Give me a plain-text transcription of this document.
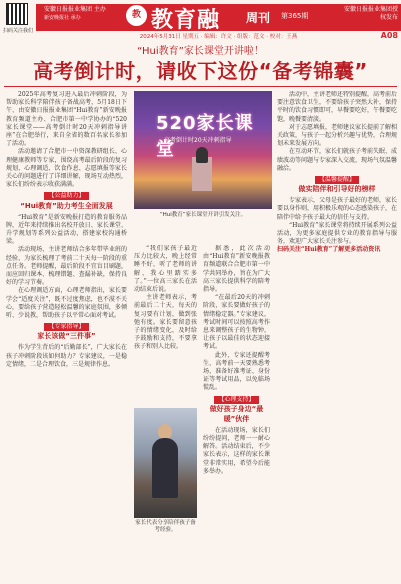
扫码关注我们
安徽日报报业集团 主办
新安晚报社 承办	教 教育融 周刊 第365期
安徽日报报业集团授
权发布
2024年5月31日 星期五 · 编辑：许文 · 组版：范文 · 校对：王燕	A08
“Hui教育”家长课堂开讲啦！
高考倒计时，请收下这份“备考锦囊”

2025年高考复习进入最后冲刺阶段，为帮助家长科学陪伴孩子备战高考，5月18日下午，由安徽日报报业集团“Hui教育”新安晚报教育频道主办、合肥市第一中学协办的“520家长课堂——高考倒计时20天冲刺指导讲座”在合肥举行，来自全省的数百名家长参加了活动。

活动邀请了合肥市一中资深教研组长、心理健康教师等专家，围绕高考最后阶段的复习规划、心理调适、饮食作息、志愿填报等家长关心的问题进行了详细讲解，现场互动热烈，家长们纷纷表示收获满满。

【公益助力】
“Hui教育”助力考生全面发展

“Hui教育”是新安晚报打造的教育服务品牌，近年来持续推出名校开放日、家长课堂、升学规划等系列公益活动，搭建家校沟通桥梁。

活动现场，主讲老师结合多年带毕业班的经验，为家长梳理了考前二十天每一阶段的重点任务。老师提醒，最后阶段不宜盲目刷题，而应回归课本、梳理错题、查漏补缺，保持良好的学习节奏。

在心理调适方面，心理老师指出，家长要学会“适度关注”，既不过度焦虑，也不漠不关心，要给孩子营造轻松温馨的家庭氛围，多倾听、少说教，帮助孩子以平常心面对考试。

【专家指导】
家长该做“三件事”

作为学生背后的“后勤部长”，广大家长在孩子冲刺阶段该如何助力？专家建议，一是稳定情绪，二是合理饮食，三是规律作息。

520家长课堂
高考倒计时20天冲刺指导
“Hui教育”家长课堂开讲引发关注。

“我们家孩子最近压力比较大，晚上经常睡不好，听了老师的讲解，我心里踏实多了。”一位高三家长在活动结束后说。

主讲老师表示，考前最后二十天，每天的复习要有计划，做到张弛有度。家长要留意孩子的情绪变化，及时给予鼓励和支持，不要拿孩子和别人比较。

家长代表分享陪伴孩子备考经验。

据悉，此次活动由“Hui教育”新安晚报教育频道联合合肥市第一中学共同举办，旨在为广大高三家长提供科学的陪考指导。

“在最后20天的冲刺阶段，家长要做好孩子的情绪稳定器。”专家建议，考试时间可以按照高考作息来调整孩子的生物钟，让孩子以最佳的状态迎接考试。

此外，专家还提醒考生，高考前一天要熟悉考场，准备好准考证、身份证等考试用品，以免临场慌乱。

【心理支持】
做好孩子身边“最暖”伙伴

在活动现场，家长们纷纷提问，老师一一耐心解答。活动结束后，不少家长表示，这样的家长课堂非常实用，希望今后能多举办。

活动中，主讲老师还特别提醒，高考前后要注意饮食卫生，不要给孩子突然大补，保持平时的饮食习惯即可，早餐要吃好，午餐要吃饱，晚餐要清淡。

对于志愿填报，老师建议家长提前了解相关政策，与孩子一起分析兴趣与优势，合理规划未来发展方向。

在互动环节，家长们就孩子考前失眠、成绩波动等问题与专家深入交流，现场气氛温馨融洽。

【温馨提醒】
做实陪伴和引导好的榜样

专家表示，父母是孩子最好的老师，家长要以身作则，用积极乐观的心态感染孩子，在陪伴中给予孩子最大的信任与支持。

“Hui教育”家长课堂将持续开展系列公益活动，为更多家庭提供专业的教育指导与服务，欢迎广大家长关注参与。

扫码关注“Hui教育”了解更多活动资讯
